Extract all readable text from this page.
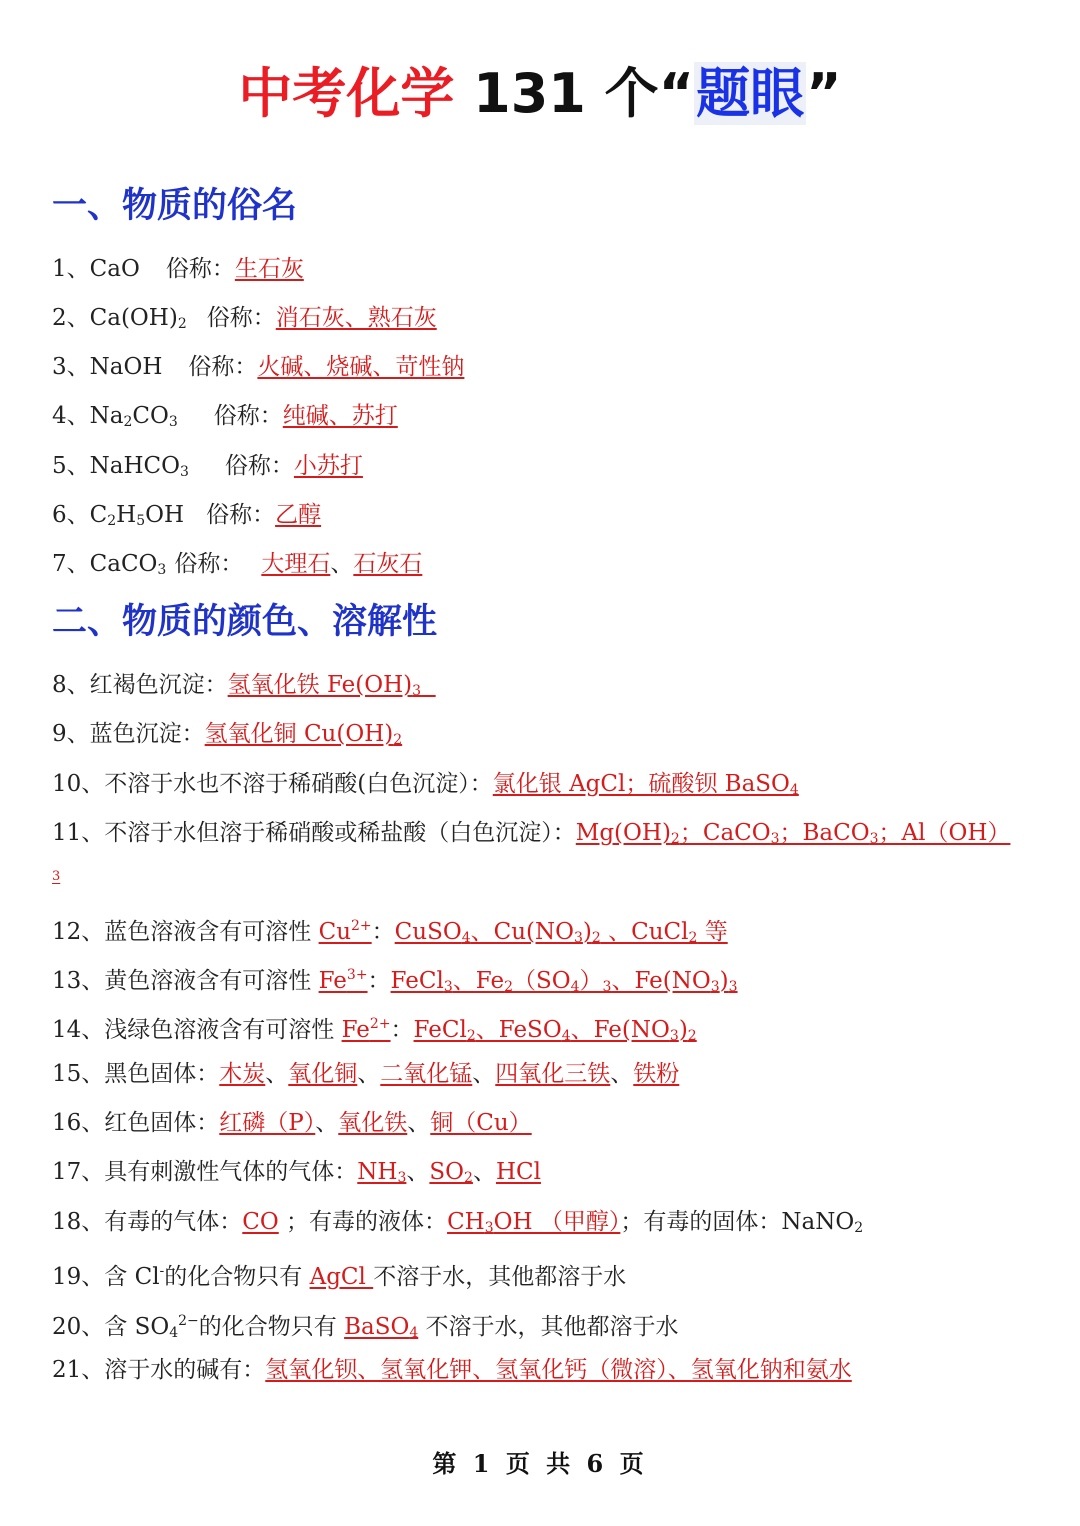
中考化学 131 个“题眼”
一、物质的俗名
1、CaO 俗称：生石灰
2、$Ca(OH)_2$ 俗称：消石灰、熟石灰
3、NaOH 俗称：火碱、烧碱、苛性钠
4、$Na_2CO_3$ 俗称：纯碱、苏打
5、NaHCO$_3$ 俗称：小苏打
6、$C_2H_5OH$ 俗称：乙醇
7、CaCO$_3$ 俗称： 大理石、石灰石
二、物质的颜色、溶解性
8、红褐色沉淀：氢氧化铁 $Fe(OH)_3$
9、蓝色沉淀：氢氧化铜 $Cu(OH)_2$
10、不溶于水也不溶于稀硝酸(白色沉淀）：氯化银 AgCl；硫酸钡 BaSO$_4$
11、不溶于水但溶于稀硝酸或稀盐酸（白色沉淀）：$Mg(OH)_2$；CaCO$_3$；BaCO$_3$；Al（OH）
3
12、蓝色溶液含有可溶性 $Cu^{2+}$：CuSO$_4$、$Cu(NO_3)_2$ 、CuCl$_2$ 等
13、黄色溶液含有可溶性 $Fe^{3+}$：FeCl$_3$、$Fe_2(SO_4)_3$、$Fe(NO_3)_3$
14、浅绿色溶液含有可溶性 $Fe^{2+}$：FeCl$_2$、FeSO$_4$、$Fe(NO_3)_2$
15、黑色固体：木炭、氧化铜、二氧化锰、四氧化三铁、铁粉
16、红色固体：红磷（P）、氧化铁、铜（Cu）
17、具有刺激性气体的气体：$NH_3$、$SO_2$、HCl
18、有毒的气体：CO ；有毒的液体：$CH_3OH$ （甲醇）；有毒的固体：NaNO$_2$
19、含 Cl-的化合物只有 AgCl 不溶于水，其他都溶于水
20、含 $SO_4^{2-}$的化合物只有 BaSO$_4$ 不溶于水，其他都溶于水
21、溶于水的碱有：氢氧化钡、氢氧化钾、氢氧化钙（微溶）、氢氧化钠和氨水
第 1 页 共 6 页
